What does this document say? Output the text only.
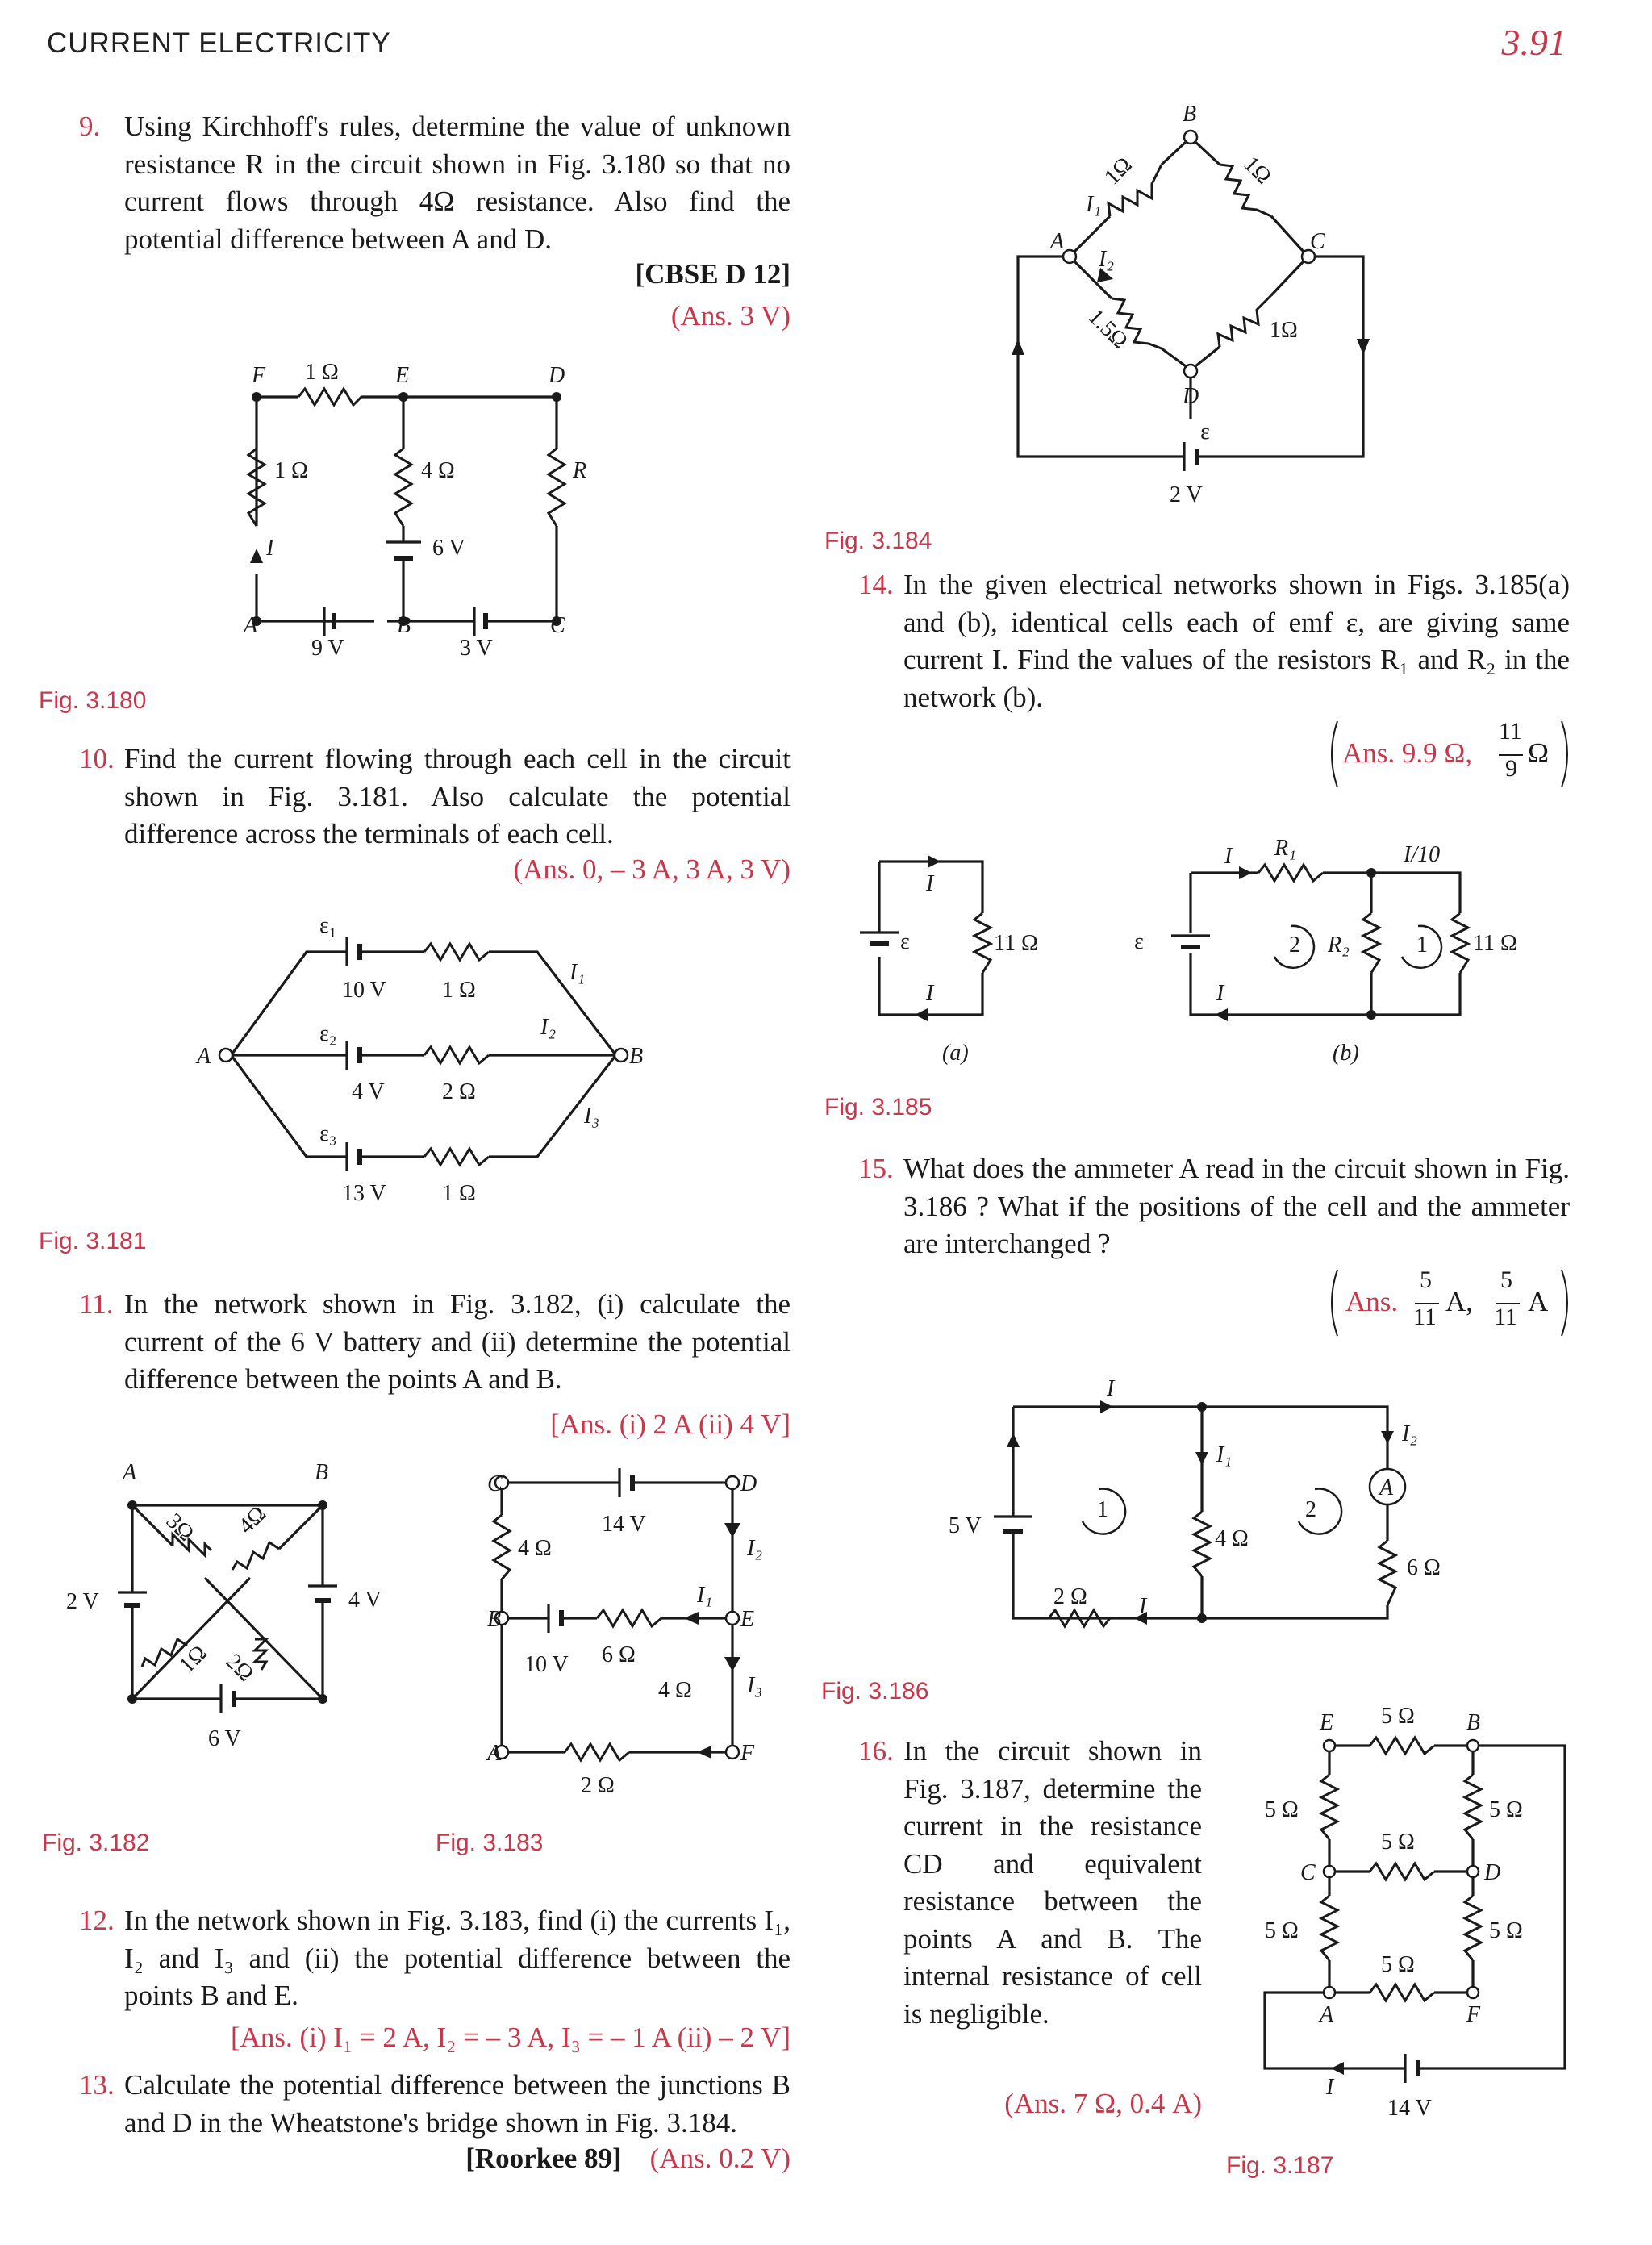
CURRENT ELECTRICITY	3.91
9. Using Kirchhoff's rules, determine the value of unknown resistance R in the circuit shown in Fig. 3.180 so that no current flows through 4Ω resistance. Also find the potential difference between A and D.
[CBSE D 12]
(Ans. 3 V)
F	E	D
A	B	C
1 Ω
1 Ω	4 Ω	R
6 V
9 V	3 V
I
Fig. 3.180
10. Find the current flowing through each cell in the circuit shown in Fig. 3.181. Also calculate the potential difference across the terminals of each cell.
(Ans. 0, – 3 A, 3 A, 3 V)
A	B
ε₁
ε₂
ε₃
10 V
4 V
13 V
1 Ω
2 Ω
1 Ω
I₁
I₂
I₃
Fig. 3.181
11. In the network shown in Fig. 3.182, (i) calculate the current of the 6 V battery and (ii) determine the potential difference between the points A and B.
[Ans. (i) 2 A (ii) 4 V]
A	B
2 V	4 V
6 V
3Ω 4Ω
1Ω 2Ω
Fig. 3.182
C	D
B	E
A	F
14 V
10 V
4 Ω
6 Ω
4 Ω
2 Ω
I₁
I₂
I₃
Fig. 3.183
12. In the network shown in Fig. 3.183, find (i) the currents I₁, I₂ and I₃ and (ii) the potential difference between the points B and E.
[Ans. (i) I₁ = 2 A, I₂ = – 3 A, I₃ = – 1 A (ii) – 2 V]
13. Calculate the potential difference between the junctions B and D in the Wheatstone's bridge shown in Fig. 3.184.
[Roorkee 89] (Ans. 0.2 V)
B
A	C
D
1Ω	1Ω
1.5Ω	1Ω
ε
2 V
I₁
I₂
Fig. 3.184
14. In the given electrical networks shown in Figs. 3.185(a) and (b), identical cells each of emf ε, are giving same current I. Find the values of the resistors R₁ and R₂ in the network (b).
Ans. 9.9 Ω,
11
9 Ω
I
I
ε	11 Ω
(a)
I
I
R₁
R₂
I/10
ε	11 Ω
2	1
(b)
Fig. 3.185
15. What does the ammeter A read in the circuit shown in Fig. 3.186 ? What if the positions of the cell and the ammeter are interchanged ?
Ans.
5
11 A,
5
11 A
5 V
2 Ω
4 Ω
6 Ω
A
I
I
I₁
I₂
1	2
Fig. 3.186
16. In the circuit shown in Fig. 3.187, determine the current in the resistance CD and equivalent resistance between the points A and B. The internal resistance of cell is negligible.
(Ans. 7 Ω, 0.4 A)
E	B
C	D
A	F
5 Ω
5 Ω
5 Ω
5 Ω
5 Ω
5 Ω
5 Ω
14 V
I
Fig. 3.187
